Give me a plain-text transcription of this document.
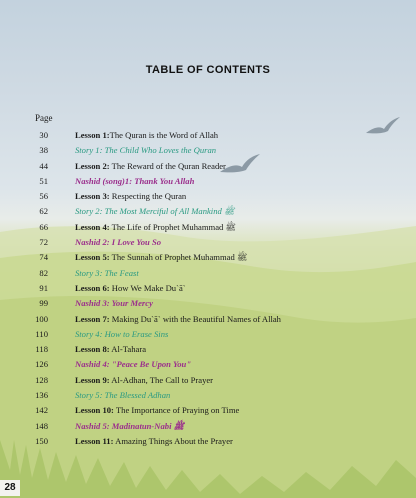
TABLE OF CONTENTS
Page
30	Lesson 1:The Quran is the Word of Allah
38	Story 1: The Child Who Loves the Quran
44	Lesson 2: The Reward of the Quran Reader
51	Nashid (song)1: Thank You Allah
56	Lesson 3: Respecting the Quran
62	Story 2: The Most Merciful of All Mankind ﷺ
66	Lesson 4: The Life of Prophet Muhammad ﷺ
72	Nashid 2: I Love You So
74	Lesson 5: The Sunnah of Prophet Muhammad ﷺ
82	Story 3: The Feast
91	Lesson 6: How We Make Du`ā`
99	Nashid 3: Your Mercy
100	Lesson 7: Making Du`ā` with the Beautiful Names of Allah
110	Story 4: How to Erase Sins
118	Lesson 8: Al-Tahara
126	Nashid 4: "Peace Be Upon You"
128	Lesson 9: Al-Adhan, The Call to Prayer
136	Story 5: The Blessed Adhan
142	Lesson 10: The Importance of Praying on Time
148	Nashid 5: Madinatun-Nabi ﷺ
150	Lesson 11: Amazing Things About the Prayer
28
